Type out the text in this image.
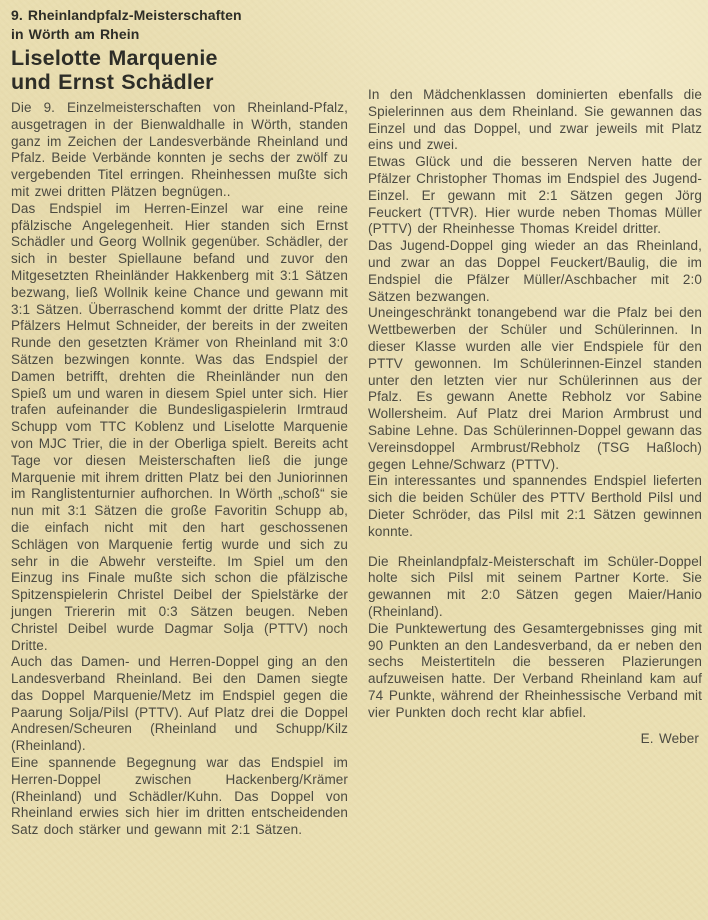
9. Rheinlandpfalz-Meisterschaften
in Wörth am Rhein
Liselotte Marquenie
und Ernst Schädler

Die 9. Einzelmeisterschaften von Rheinland-Pfalz, ausgetragen in der Bienwaldhalle in Wörth, standen ganz im Zeichen der Landesverbände Rheinland und Pfalz. Beide Verbände konnten je sechs der zwölf zu vergebenden Titel erringen. Rheinhessen mußte sich mit zwei dritten Plätzen begnügen..

Das Endspiel im Herren-Einzel war eine reine pfälzische Angelegenheit. Hier standen sich Ernst Schädler und Georg Wollnik gegenüber. Schädler, der sich in bester Spiellaune befand und zuvor den Mitgesetzten Rheinländer Hakkenberg mit 3:1 Sätzen bezwang, ließ Wollnik keine Chance und gewann mit 3:1 Sätzen. Überraschend kommt der dritte Platz des Pfälzers Helmut Schneider, der bereits in der zweiten Runde den gesetzten Krämer von Rheinland mit 3:0 Sätzen bezwingen konnte. Was das Endspiel der Damen betrifft, drehten die Rheinländer nun den Spieß um und waren in diesem Spiel unter sich. Hier trafen aufeinander die Bundesligaspielerin Irmtraud Schupp vom TTC Koblenz und Liselotte Marquenie von MJC Trier, die in der Oberliga spielt. Bereits acht Tage vor diesen Meisterschaften ließ die junge Marquenie mit ihrem dritten Platz bei den Juniorinnen im Ranglistenturnier aufhorchen. In Wörth „schoß“ sie nun mit 3:1 Sätzen die große Favoritin Schupp ab, die einfach nicht mit den hart geschossenen Schlägen von Marquenie fertig wurde und sich zu sehr in die Abwehr versteifte. Im Spiel um den Einzug ins Finale mußte sich schon die pfälzische Spitzenspielerin Christel Deibel der Spielstärke der jungen Triererin mit 0:3 Sätzen beugen. Neben Christel Deibel wurde Dagmar Solja (PTTV) noch Dritte.

Auch das Damen- und Herren-Doppel ging an den Landesverband Rheinland. Bei den Damen siegte das Doppel Marquenie/Metz im Endspiel gegen die Paarung Solja/Pilsl (PTTV). Auf Platz drei die Doppel Andresen/Scheuren (Rheinland und Schupp/Kilz (Rheinland).

Eine spannende Begegnung war das Endspiel im Herren-Doppel zwischen Hackenberg/Krämer (Rheinland) und Schädler/Kuhn. Das Doppel von Rheinland erwies sich hier im dritten entscheidenden Satz doch stärker und gewann mit 2:1 Sätzen.

In den Mädchenklassen dominierten ebenfalls die Spielerinnen aus dem Rheinland. Sie gewannen das Einzel und das Doppel, und zwar jeweils mit Platz eins und zwei.

Etwas Glück und die besseren Nerven hatte der Pfälzer Christopher Thomas im Endspiel des Jugend-Einzel. Er gewann mit 2:1 Sätzen gegen Jörg Feuckert (TTVR). Hier wurde neben Thomas Müller (PTTV) der Rheinhesse Thomas Kreidel dritter.

Das Jugend-Doppel ging wieder an das Rheinland, und zwar an das Doppel Feuckert/Baulig, die im Endspiel die Pfälzer Müller/Aschbacher mit 2:0 Sätzen bezwangen.

Uneingeschränkt tonangebend war die Pfalz bei den Wettbewerben der Schüler und Schülerinnen. In dieser Klasse wurden alle vier Endspiele für den PTTV gewonnen. Im Schülerinnen-Einzel standen unter den letzten vier nur Schülerinnen aus der Pfalz. Es gewann Anette Rebholz vor Sabine Wollersheim. Auf Platz drei Marion Armbrust und Sabine Lehne. Das Schülerinnen-Doppel gewann das Vereinsdoppel Armbrust/Rebholz (TSG Haßloch) gegen Lehne/Schwarz (PTTV).

Ein interessantes und spannendes Endspiel lieferten sich die beiden Schüler des PTTV Berthold Pilsl und Dieter Schröder, das Pilsl mit 2:1 Sätzen gewinnen konnte.

Die Rheinlandpfalz-Meisterschaft im Schüler-Doppel holte sich Pilsl mit seinem Partner Korte. Sie gewannen mit 2:0 Sätzen gegen Maier/Hanio (Rheinland).

Die Punktewertung des Gesamtergebnisses ging mit 90 Punkten an den Landesverband, da er neben den sechs Meistertiteln die besseren Plazierungen aufzuweisen hatte. Der Verband Rheinland kam auf 74 Punkte, während der Rheinhessische Verband mit vier Punkten doch recht klar abfiel.

E. Weber
